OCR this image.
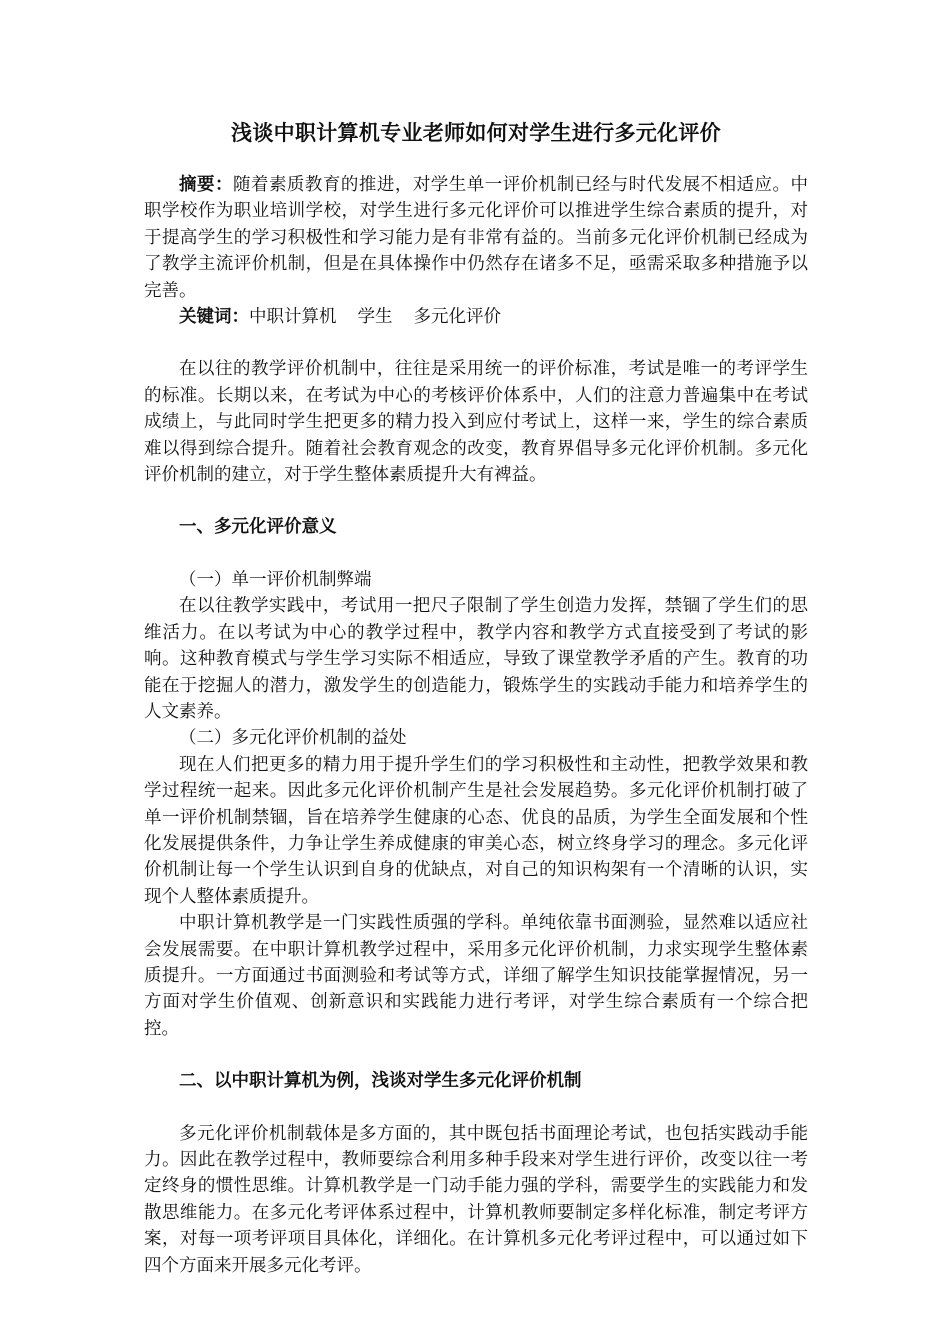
浅谈中职计算机专业老师如何对学生进行多元化评价

摘要：随着素质教育的推进，对学生单一评价机制已经与时代发展不相适应。中职学校作为职业培训学校，对学生进行多元化评价可以推进学生综合素质的提升，对于提高学生的学习积极性和学习能力是有非常有益的。当前多元化评价机制已经成为了教学主流评价机制，但是在具体操作中仍然存在诸多不足，亟需采取多种措施予以完善。

关键词：中职计算机 学生 多元化评价

在以往的教学评价机制中，往往是采用统一的评价标准，考试是唯一的考评学生的标准。长期以来，在考试为中心的考核评价体系中，人们的注意力普遍集中在考试成绩上，与此同时学生把更多的精力投入到应付考试上，这样一来，学生的综合素质难以得到综合提升。随着社会教育观念的改变，教育界倡导多元化评价机制。多元化评价机制的建立，对于学生整体素质提升大有裨益。

一、多元化评价意义
（一）单一评价机制弊端

在以往教学实践中，考试用一把尺子限制了学生创造力发挥，禁锢了学生们的思维活力。在以考试为中心的教学过程中，教学内容和教学方式直接受到了考试的影响。这种教育模式与学生学习实际不相适应，导致了课堂教学矛盾的产生。教育的功能在于挖掘人的潜力，激发学生的创造能力，锻炼学生的实践动手能力和培养学生的人文素养。

（二）多元化评价机制的益处

现在人们把更多的精力用于提升学生们的学习积极性和主动性，把教学效果和教学过程统一起来。因此多元化评价机制产生是社会发展趋势。多元化评价机制打破了单一评价机制禁锢，旨在培养学生健康的心态、优良的品质，为学生全面发展和个性化发展提供条件，力争让学生养成健康的审美心态，树立终身学习的理念。多元化评价机制让每一个学生认识到自身的优缺点，对自己的知识构架有一个清晰的认识，实现个人整体素质提升。

中职计算机教学是一门实践性质强的学科。单纯依靠书面测验，显然难以适应社会发展需要。在中职计算机教学过程中，采用多元化评价机制，力求实现学生整体素质提升。一方面通过书面测验和考试等方式，详细了解学生知识技能掌握情况，另一方面对学生价值观、创新意识和实践能力进行考评，对学生综合素质有一个综合把控。

二、以中职计算机为例，浅谈对学生多元化评价机制

多元化评价机制载体是多方面的，其中既包括书面理论考试，也包括实践动手能力。因此在教学过程中，教师要综合利用多种手段来对学生进行评价，改变以往一考定终身的惯性思维。计算机教学是一门动手能力强的学科，需要学生的实践能力和发散思维能力。在多元化考评体系过程中，计算机教师要制定多样化标准，制定考评方案，对每一项考评项目具体化，详细化。在计算机多元化考评过程中，可以通过如下四个方面来开展多元化考评。
